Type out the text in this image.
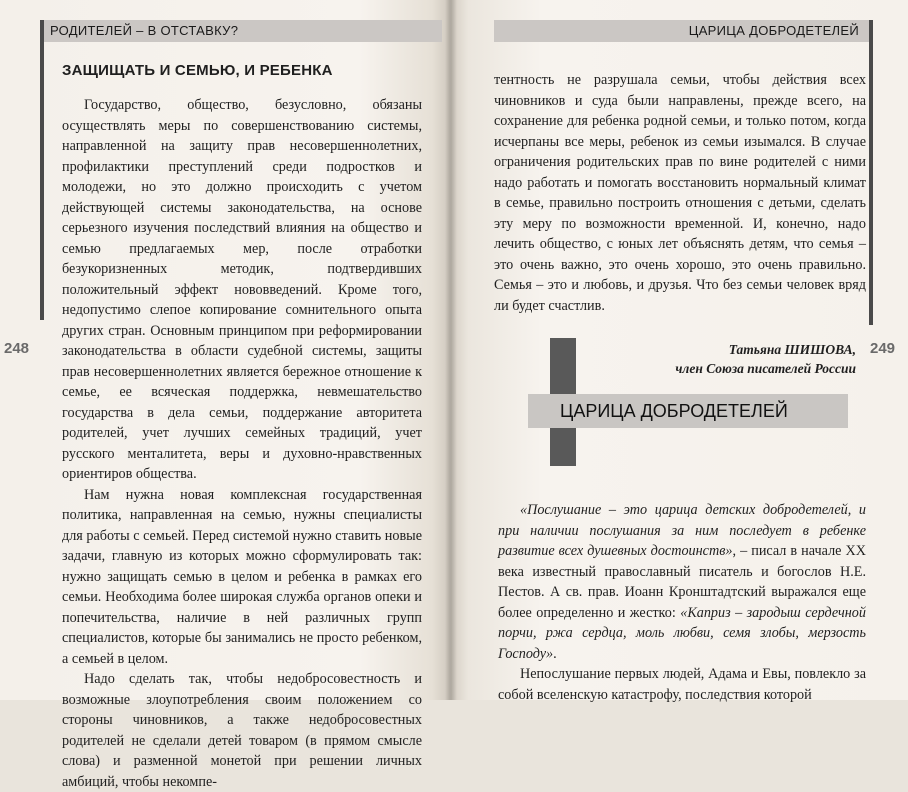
РОДИТЕЛЕЙ – В ОТСТАВКУ?
248
ЗАЩИЩАТЬ И СЕМЬЮ, И РЕБЕНКА

Государство, общество, безусловно, обязаны осуществлять меры по совершенствованию системы, направленной на защиту прав несовершеннолетних, профилактики преступлений среди подростков и молодежи, но это должно происходить с учетом действующей системы законодательства, на основе серьезного изучения последствий влияния на общество и семью предлагаемых мер, после отработки безукоризненных методик, подтвердивших положительный эффект нововведений. Кроме того, недопустимо слепое копирование сомнительного опыта других стран. Основным принципом при реформировании законодательства в области судебной системы, защиты прав несовершеннолетних является бережное отношение к семье, ее всяческая поддержка, невмешательство государства в дела семьи, поддержание авторитета родителей, учет лучших семейных традиций, учет русского менталитета, веры и духовно-нравственных ориентиров общества.

Нам нужна новая комплексная государственная политика, направленная на семью, нужны специалисты для работы с семьей. Перед системой нужно ставить новые задачи, главную из которых можно сформулировать так: нужно защищать семью в целом и ребенка в рамках его семьи. Необходима более широкая служба органов опеки и попечительства, наличие в ней различных групп специалистов, которые бы занимались не просто ребенком, а семьей в целом.

Надо сделать так, чтобы недобросовестность и возможные злоупотребления своим положением со стороны чиновников, а также недобросовестных родителей не сделали детей товаром (в прямом смысле слова) и разменной монетой при решении личных амбиций, чтобы некомпе-

ЦАРИЦА ДОБРОДЕТЕЛЕЙ
249

тентность не разрушала семьи, чтобы действия всех чиновников и суда были направлены, прежде всего, на сохранение для ребенка родной семьи, и только потом, когда исчерпаны все меры, ребенок из семьи изымался. В случае ограничения родительских прав по вине родителей с ними надо работать и помогать восстановить нормальный климат в семье, правильно построить отношения с детьми, сделать эту меру по возможности временной. И, конечно, надо лечить общество, с юных лет объяснять детям, что семья – это очень важно, это очень хорошо, это очень правильно. Семья – это и любовь, и друзья. Что без семьи человек вряд ли будет счастлив.

Татьяна ШИШОВА,
член Союза писателей России
ЦАРИЦА ДОБРОДЕТЕЛЕЙ

«Послушание – это царица детских добродетелей, и при наличии послушания за ним последует в ребенке развитие всех душевных достоинств», – писал в начале XX века известный православный писатель и богослов Н.Е. Пестов. А св. прав. Иоанн Кронштадтский выражался еще более определенно и жестко: «Каприз – зародыш сердечной порчи, ржа сердца, моль любви, семя злобы, мерзость Господу».

Непослушание первых людей, Адама и Евы, повлекло за собой вселенскую катастрофу, последствия которой
